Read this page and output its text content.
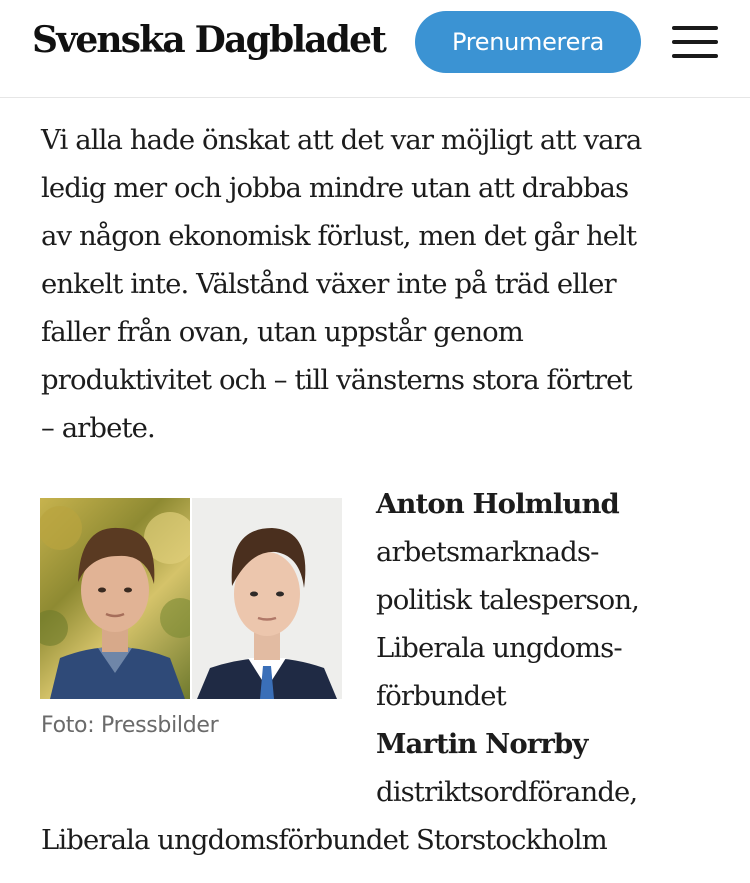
Svenska Dagbladet	Prenumerera
Vi alla hade önskat att det var möjligt att vara
ledig mer och jobba mindre utan att drabbas
av någon ekonomisk förlust, men det går helt
enkelt inte. Välstånd växer inte på träd eller
faller från ovan, utan uppstår genom
produktivitet och – till vänsterns stora förtret
– arbete.
Foto: Pressbilder
Anton Holmlund
arbetsmarknads-
politisk talesperson,
Liberala ungdoms-
förbundet
Martin Norrby
distriktsordförande,
Liberala ungdomsförbundet Storstockholm
